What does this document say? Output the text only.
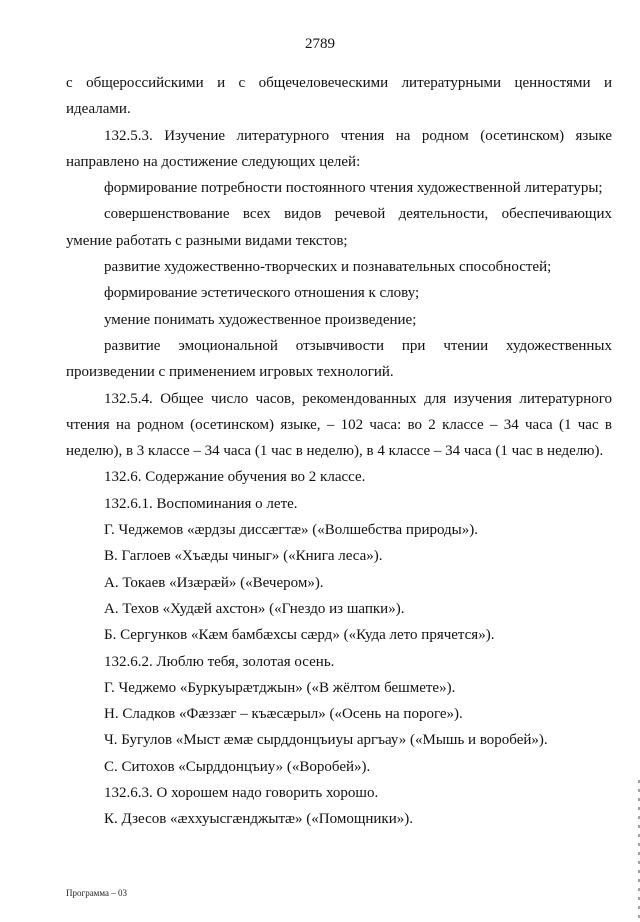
2789

с общероссийскими и с общечеловеческими литературными ценностями и идеалами.

132.5.3. Изучение литературного чтения на родном (осетинском) языке направлено на достижение следующих целей:

формирование потребности постоянного чтения художественной литературы;

совершенствование всех видов речевой деятельности, обеспечивающих умение работать с разными видами текстов;

развитие художественно-творческих и познавательных способностей;

формирование эстетического отношения к слову;

умение понимать художественное произведение;

развитие эмоциональной отзывчивости при чтении художественных произведении с применением игровых технологий.

132.5.4. Общее число часов, рекомендованных для изучения литературного чтения на родном (осетинском) языке, – 102 часа: во 2 классе – 34 часа (1 час в неделю), в 3 классе – 34 часа (1 час в неделю), в 4 классе – 34 часа (1 час в неделю).

132.6. Содержание обучения во 2 классе.

132.6.1. Воспоминания о лете.

Г. Чеджемов «ӕрдзы диссӕгтӕ» («Волшебства природы»).

В. Гаглоев «Хъӕды чиныг» («Книга леса»).

А. Токаев «Изӕрӕй» («Вечером»).

А. Техов «Худӕй ахстон» («Гнездо из шапки»).

Б. Сергунков «Кӕм бамбӕхсы сӕрд» («Куда лето прячется»).

132.6.2. Люблю тебя, золотая осень.

Г. Чеджемо «Буркуырӕтджын» («В жёлтом бешмете»).

Н. Сладков «Фӕззӕг – къӕсӕрыл» («Осень на пороге»).

Ч. Бугулов «Мыст ӕмӕ сырддонцъиуы аргъау» («Мышь и воробей»).

С. Ситохов «Сырддонцъиу» («Воробей»).

132.6.3. О хорошем надо говорить хорошо.

К. Дзесов «ӕххуысгӕнджытӕ» («Помощники»).

Программа – 03
